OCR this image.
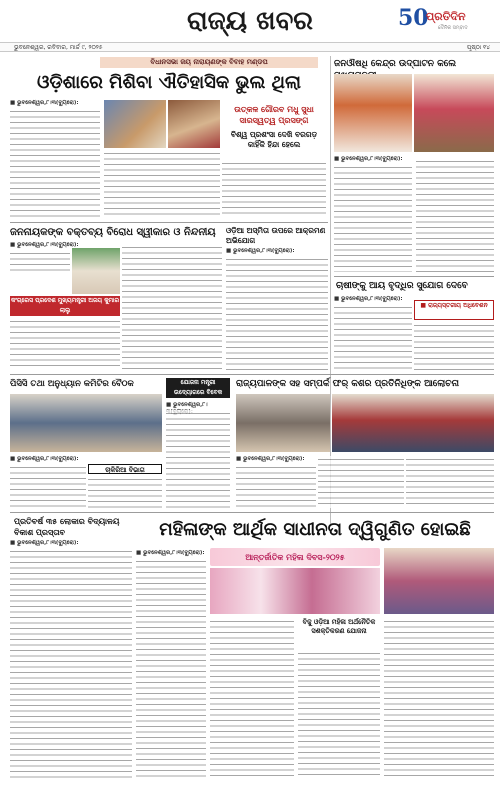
ରାଜ୍ୟ ଖବର	50
ପ୍ରତିଦିନ
ଦୈନିକ ସମ୍ବାଦ
ଭୁବନେଶ୍ୱର, ରବିବାର, ମାର୍ଚ୍ଚ ୯, ୨୦୨୫	ପୃଷ୍ଠା ୧୪
ବିଧାନସଭା ଜୟ ନାରାୟଣଙ୍କ ବିବାହ ମଣ୍ଡପ
ଓଡ଼ିଶାରେ ମିଶିବା ଐତିହାସିକ ଭୁଲ ଥିଲା
■ ଭୁବନେଶ୍ୱର,୮।୩(ବ୍ୟୁରୋ):
ଉତ୍କଳ ଗୌରବ ମଧୁ ସୁଧା ସାରସ୍ୱତ୍ୱ ପ୍ରସଙ୍ଗ
ବିଶ୍ୱ ପ୍ରଶଂସା ଦେଖି ବରଗଡ଼ କାହିଁକି ହିନ୍ଦା ହେଲେ
ଜନଔଷଧି କେନ୍ଦ୍ର ଉଦ୍‌ଘାଟନ କଲେ
■ ଭୁବନେଶ୍ୱର,୮।୩(ବ୍ୟୁରୋ):
ଜନନାୟକଙ୍କ ବକ୍ତବ୍ୟ ବିରୋଧ ସ୍ୱୀକାର ଓ ନିନ୍ଦନୀୟ
■ ଭୁବନେଶ୍ୱର,୮।୩(ବ୍ୟୁରୋ):
କଂଗ୍ରେସ ପ୍ରଦେଶ ମୁଖ୍ୟମନ୍ତ୍ରୀ ଅଜୟ କୁମାର ଲାଲୁ
ଓଡ଼ିଆ ଅସ୍ମିତା ଉପରେ ଆକ୍ରମଣ ଅଭିଯୋଗ
■ ଭୁବନେଶ୍ୱର,୮।୩(ବ୍ୟୁରୋ):
ଚାଷୀଙ୍କୁ ଆୟ ବୃଦ୍ଧିର ସୁଯୋଗ ଦେବେ
■ ଭୁବନେଶ୍ୱର,୮।୩(ବ୍ୟୁରୋ):
■ ରାଜ୍ୟସ୍ତରୀୟ ଅଧିବେଶନ
ପିସିସି ତଥା ଅନୁଧ୍ୟାନ କମିଟିର ବୈଠକ
■ ଭୁବନେଶ୍ୱର,୮।୩(ବ୍ୟୁରୋ):
ଚାକିରିଆ ବିଭାଗ
ଯୋଜନା ମନ୍ତ୍ରୀ ଉଦ୍ୟୋଗରେ ବିବେକ
■ ଭୁବନେଶ୍ୱର,୮।
ରାଜ୍ୟପାଳଙ୍କ ସହ ସମ୍ପର୍କ ଫର୍ କଶର ପ୍ରତିନିଧିଙ୍କ ଆଲୋଚନା
■ ଭୁବନେଶ୍ୱର,୮।୩(ବ୍ୟୁରୋ):
ପ୍ରତିବର୍ଷ ୩୫ ଲୋକାର ବିଦ୍ୟାଳୟ ବିକାଶ ପ୍ରସ୍ତାବ
■ ଭୁବନେଶ୍ୱର,୮।୩(ବ୍ୟୁରୋ):
ମହିଳାଙ୍କ ଆର୍ଥିକ ସାଧୀନତା ଦ୍ୱିଗୁଣିତ ହୋଇଛି
■ ଭୁବନେଶ୍ୱର,୮।୩(ବ୍ୟୁରୋ):	ଆନ୍ତର୍ଜାତିକ ମହିଳା ଦିବସ-୨୦୨୫
ବିଜୁ ଓଡ଼ିଆ ମହିଳା ଅର୍ଥନୈତିକ ସଶକ୍ତିକରଣ ଯୋଜନା
